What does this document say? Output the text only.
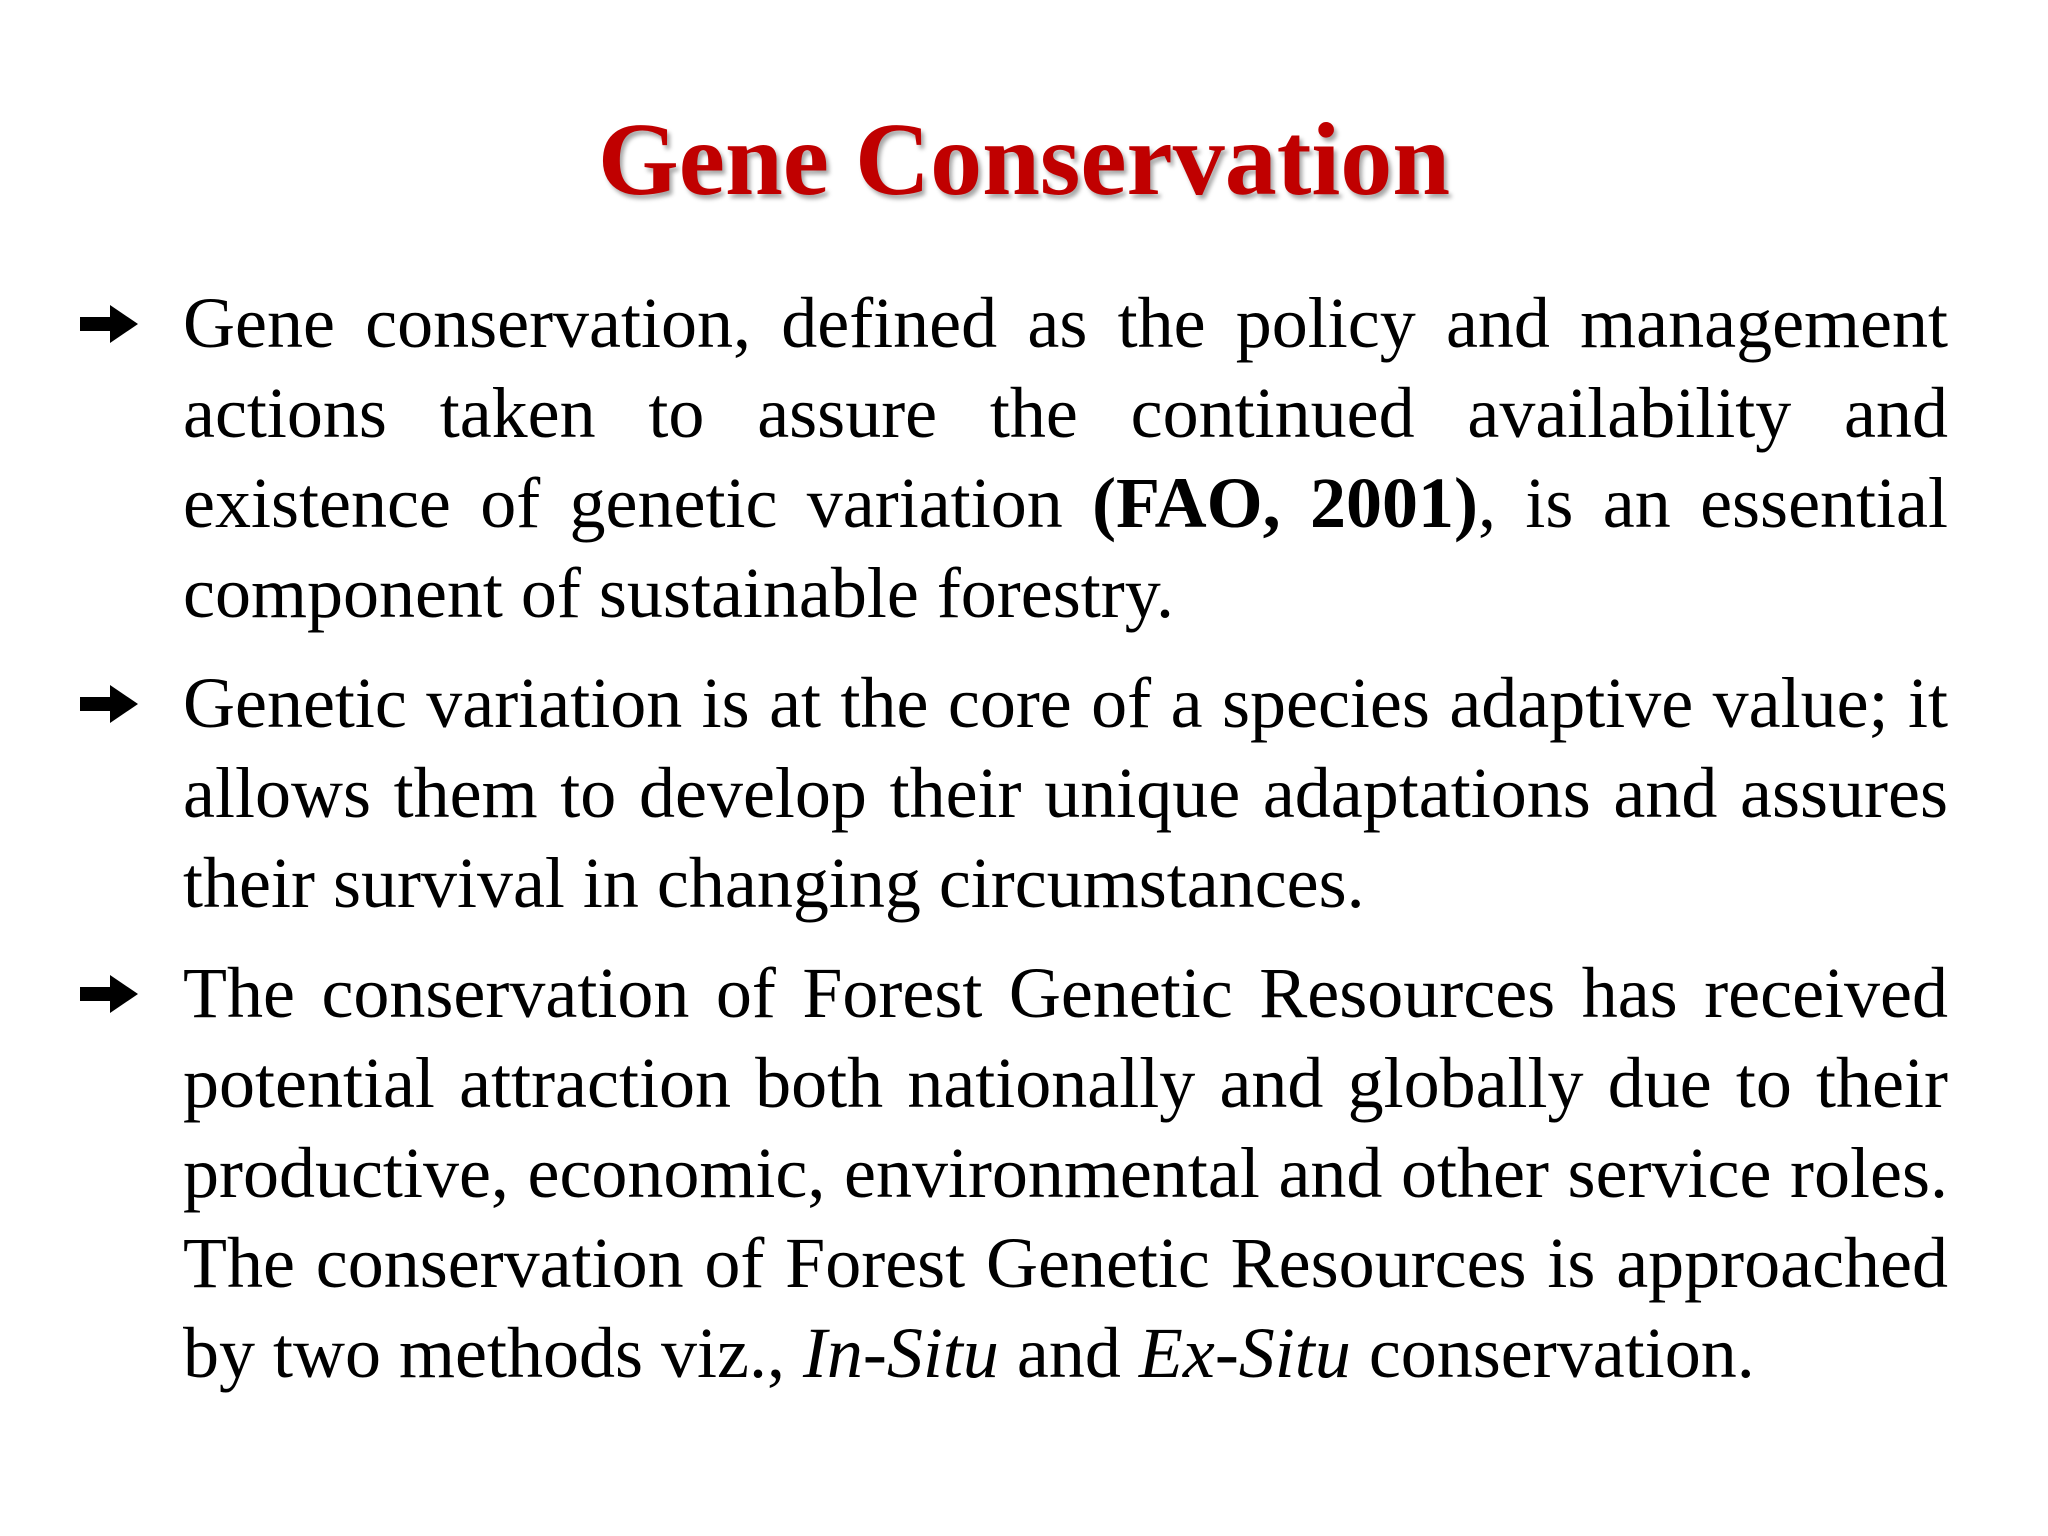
Gene Conservation
Gene conservation, defined as the policy and management actions taken to assure the continued availability and existence of genetic variation (FAO, 2001), is an essential component of sustainable forestry.
Genetic variation is at the core of a species adaptive value; it allows them to develop their unique adaptations and assures their survival in changing circumstances.
The conservation of Forest Genetic Resources has received potential attraction both nationally and globally due to their productive, economic, environmental and other service roles. The conservation of Forest Genetic Resources is approached by two methods viz., In-Situ and Ex-Situ conservation.
